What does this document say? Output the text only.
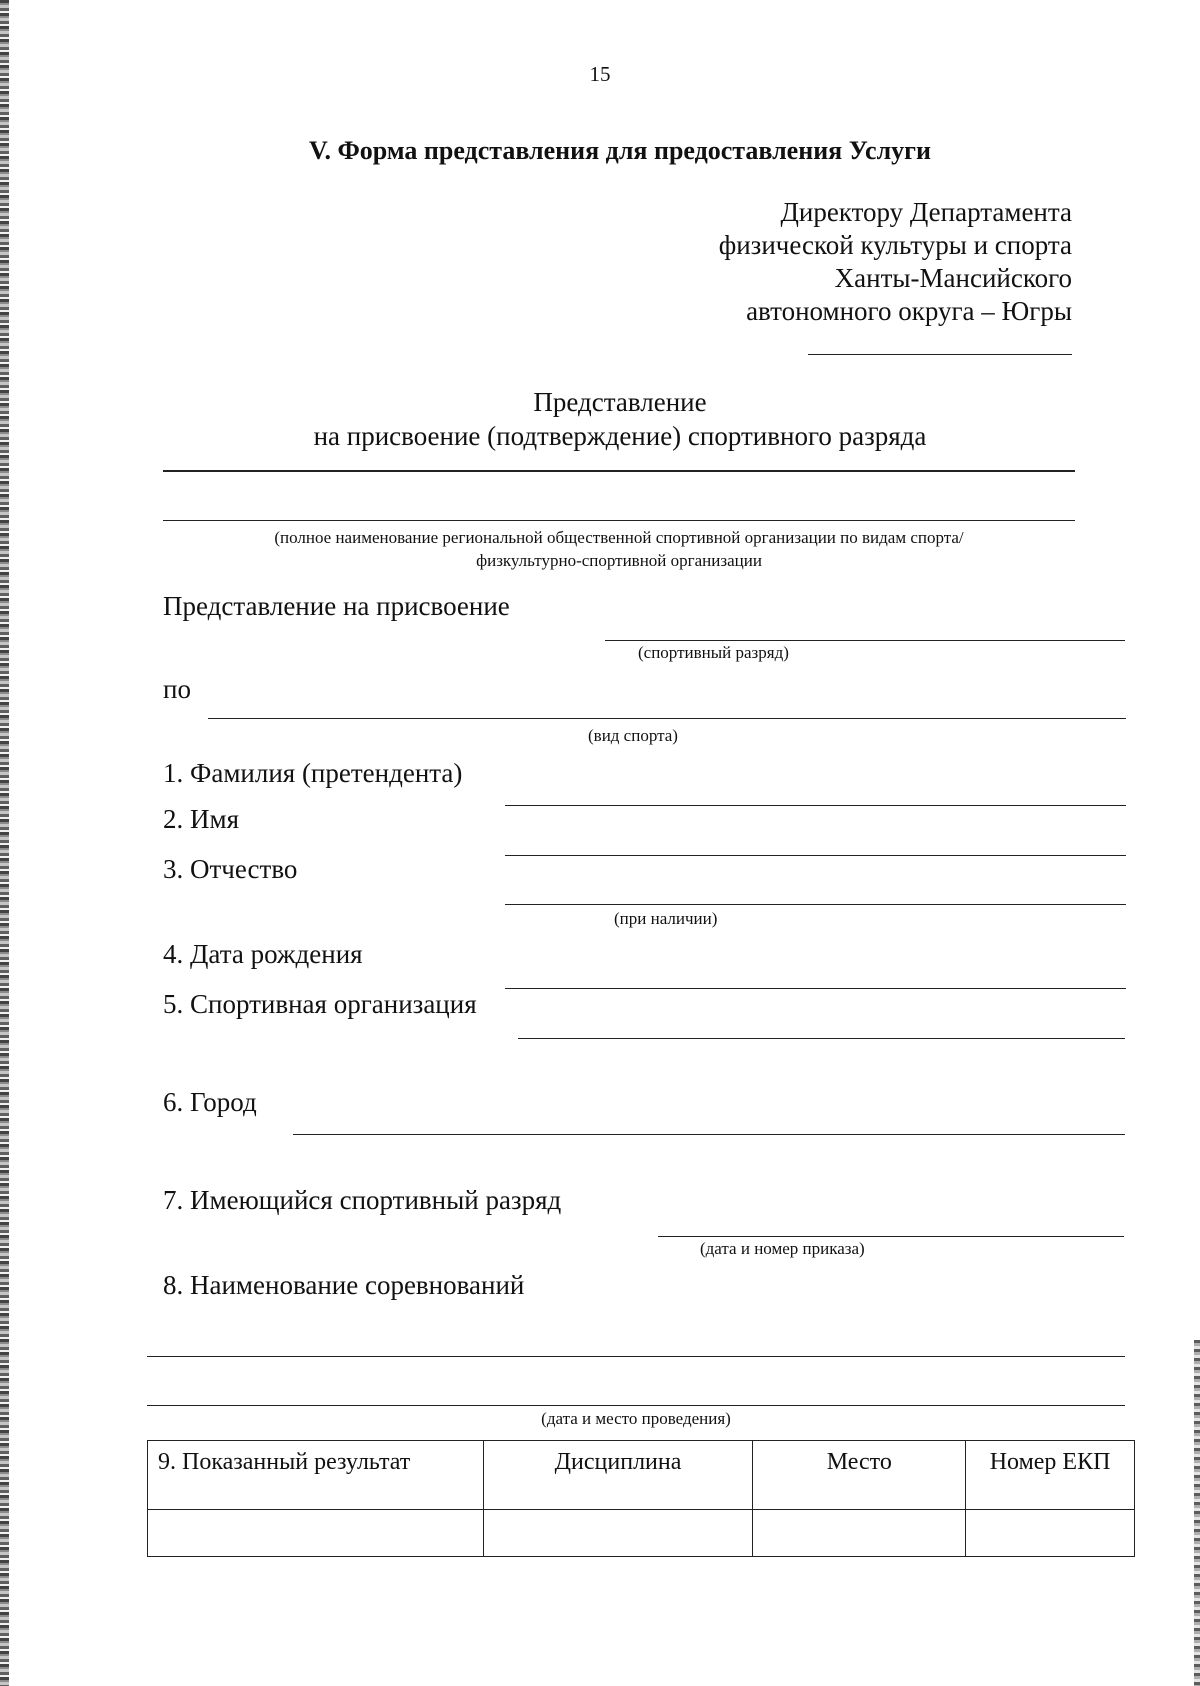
15
V. Форма представления для предоставления Услуги
Директору Департамента
физической культуры и спорта
Ханты-Мансийского
автономного округа – Югры
Представление
на присвоение (подтверждение) спортивного разряда
(полное наименование региональной общественной спортивной организации по видам спорта/
физкультурно-спортивной организации
Представление на присвоение
(спортивный разряд)
по
(вид спорта)
1. Фамилия (претендента)
2. Имя
3. Отчество
(при наличии)
4. Дата рождения
5. Спортивная организация
6. Город
7. Имеющийся спортивный разряд
(дата и номер приказа)
8. Наименование соревнований
(дата и место проведения)
9. Показанный результат	Дисциплина	Место	Номер ЕКП
